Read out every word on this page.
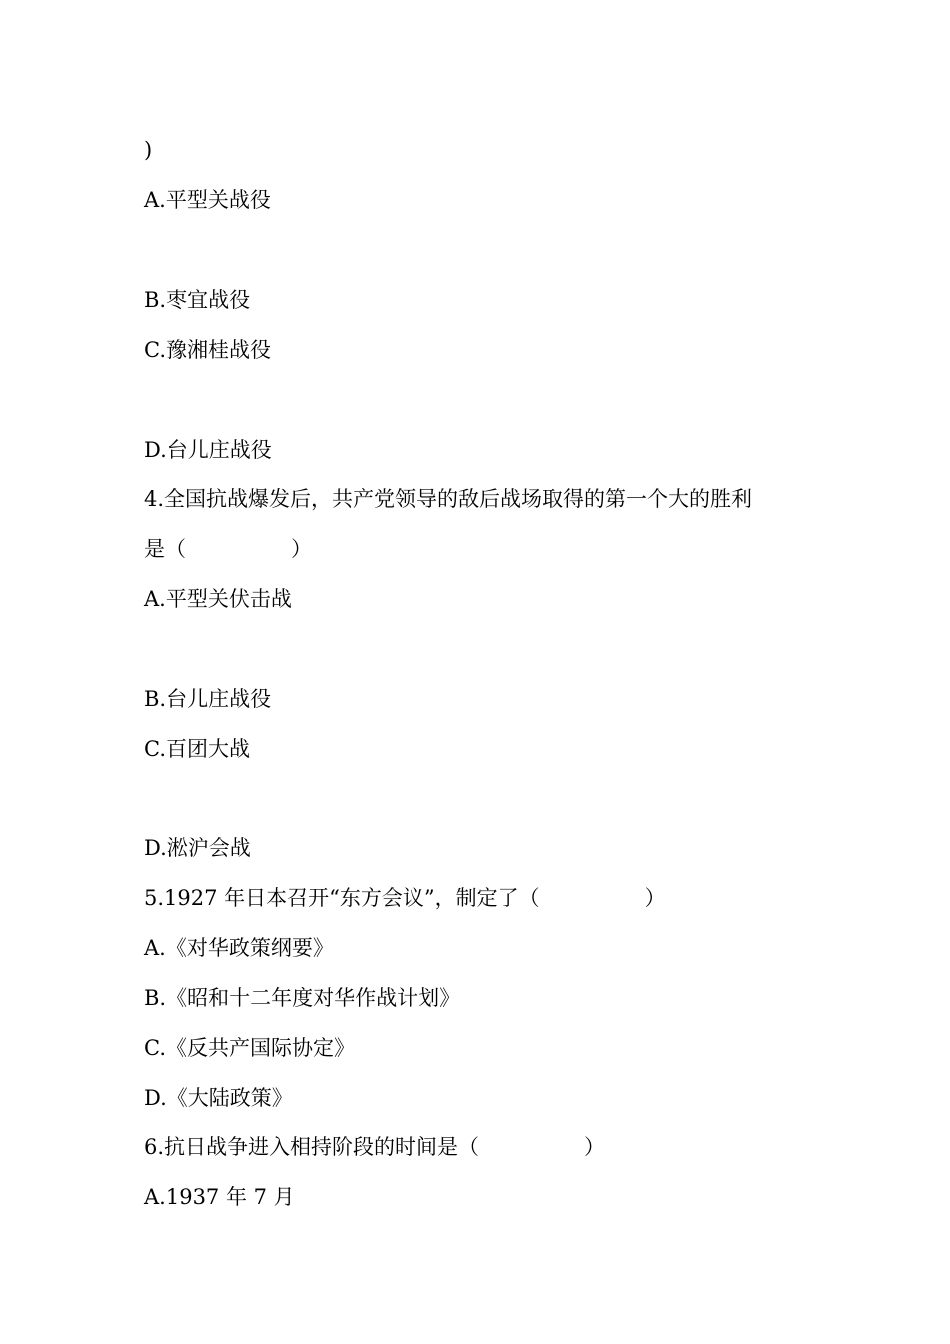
)
A.平型关战役
B.枣宜战役
C.豫湘桂战役
D.台儿庄战役
4.全国抗战爆发后，共产党领导的敌后战场取得的第一个大的胜利
是（　　　　　）
A.平型关伏击战
B.台儿庄战役
C.百团大战
D.淞沪会战
5.1927 年日本召开“东方会议”，制定了（　　　　　）
A.《对华政策纲要》
B.《昭和十二年度对华作战计划》
C.《反共产国际协定》
D.《大陆政策》
6.抗日战争进入相持阶段的时间是（　　　　　）
A.1937 年 7 月
